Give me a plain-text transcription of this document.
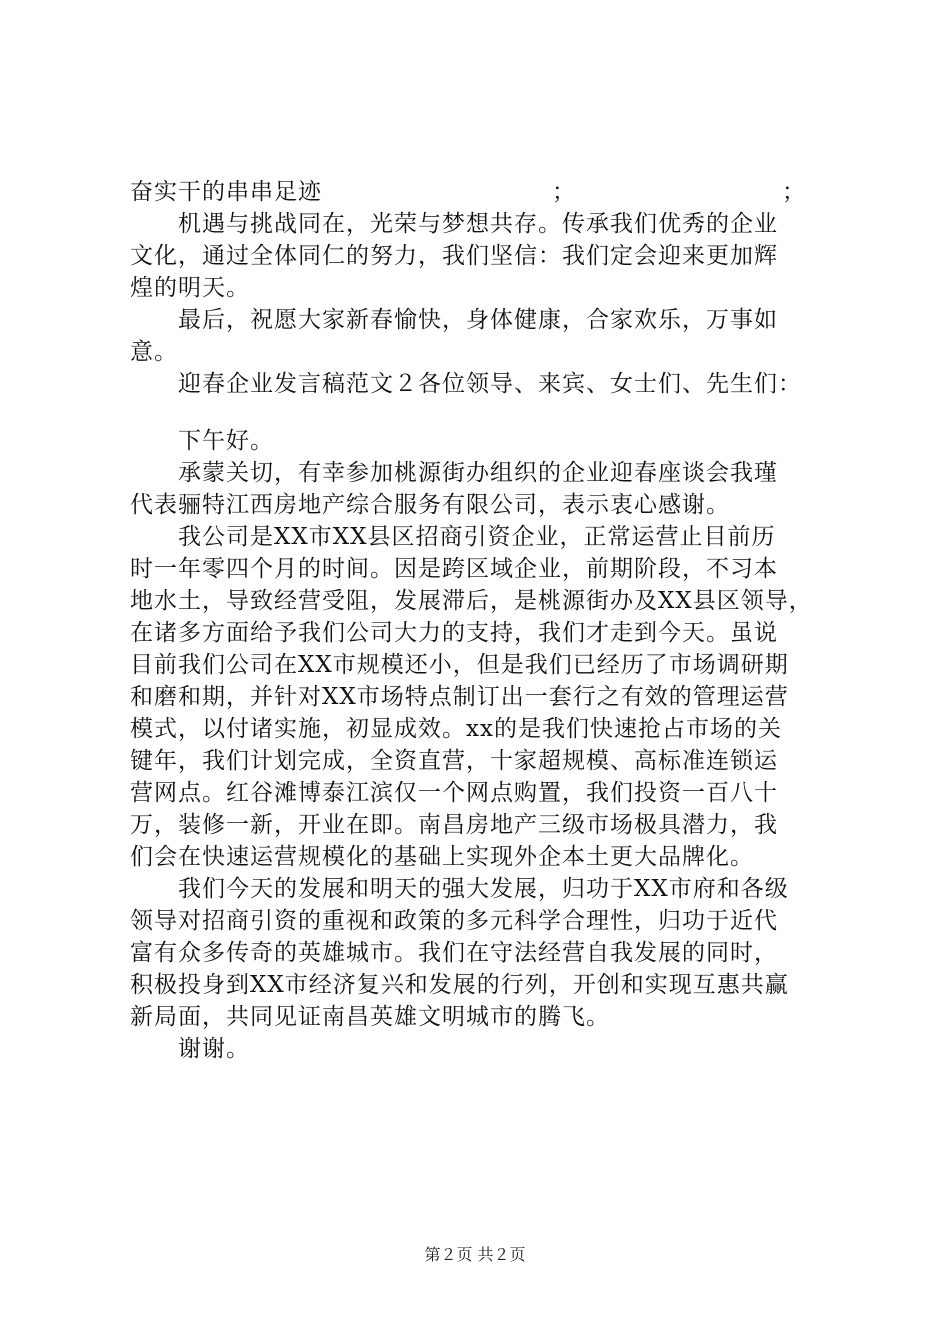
奋实干的串串足迹	；	；
机遇与挑战同在，光荣与梦想共存。传承我们优秀的企业
文化，通过全体同仁的努力，我们坚信：我们定会迎来更加辉
煌的明天。
最后，祝愿大家新春愉快，身体健康，合家欢乐，万事如
意。
迎春企业发言稿范文２各位领导、来宾、女士们、先生们：
下午好。
承蒙关切，有幸参加桃源街办组织的企业迎春座谈会我瑾
代表骊特江西房地产综合服务有限公司，表示衷心感谢。
我公司是XX市XX县区招商引资企业，正常运营止目前历
时一年零四个月的时间。因是跨区域企业，前期阶段，不习本
地水土，导致经营受阻，发展滞后，是桃源街办及XX县区领导，
在诸多方面给予我们公司大力的支持，我们才走到今天。虽说
目前我们公司在XX市规模还小，但是我们已经历了市场调研期
和磨和期，并针对XX市场特点制订出一套行之有效的管理运营
模式，以付诸实施，初显成效。xx的是我们快速抢占市场的关
键年，我们计划完成，全资直营，十家超规模、高标准连锁运
营网点。红谷滩博泰江滨仅一个网点购置，我们投资一百八十
万，装修一新，开业在即。南昌房地产三级市场极具潜力，我
们会在快速运营规模化的基础上实现外企本土更大品牌化。
我们今天的发展和明天的强大发展，归功于XX市府和各级
领导对招商引资的重视和政策的多元科学合理性，归功于近代
富有众多传奇的英雄城市。我们在守法经营自我发展的同时，
积极投身到XX市经济复兴和发展的行列，开创和实现互惠共赢
新局面，共同见证南昌英雄文明城市的腾飞。
谢谢。
第２页 共２页
